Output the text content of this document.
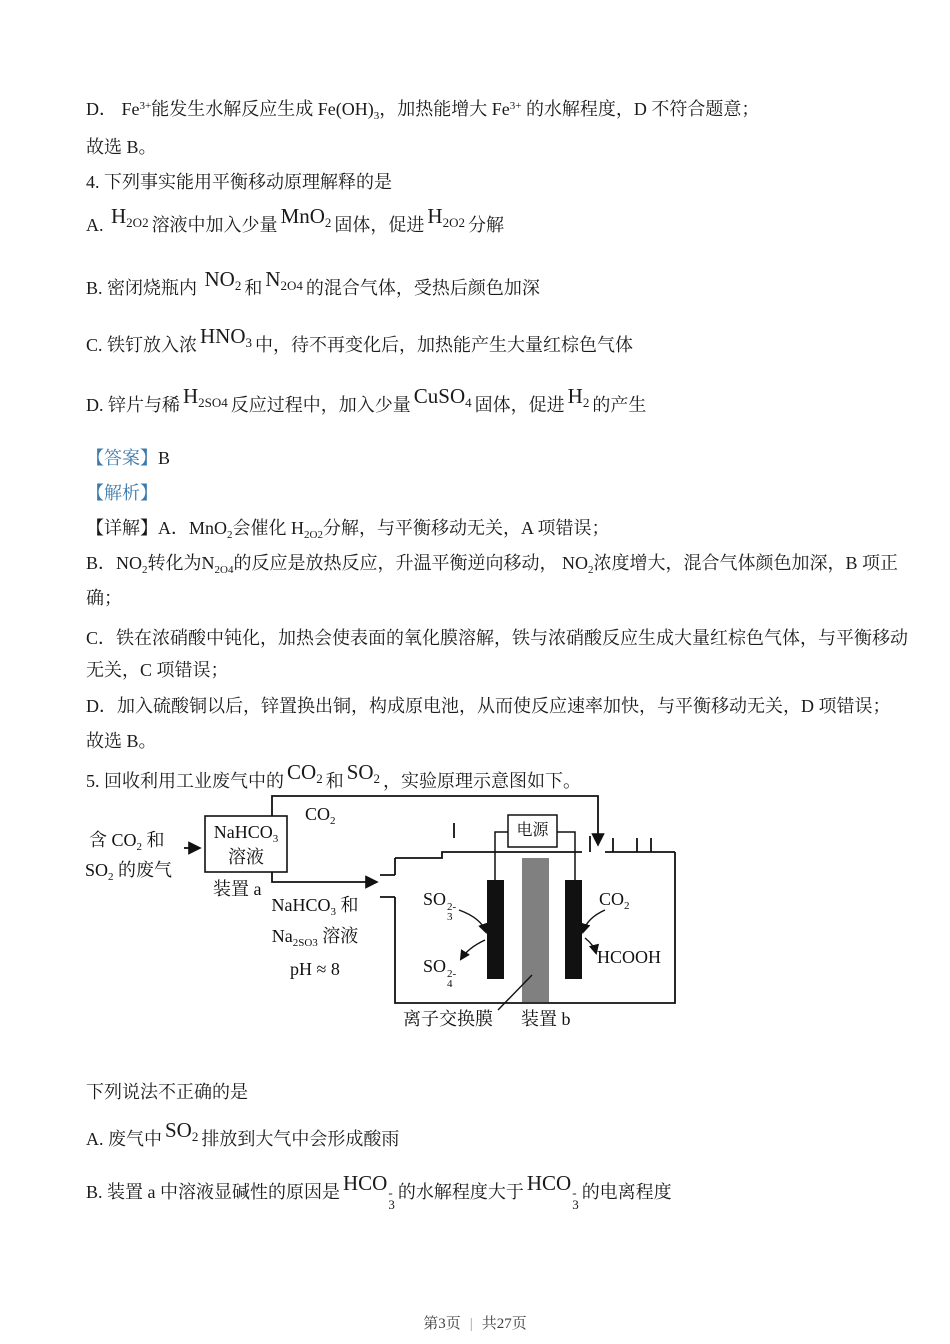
D． $Fe^{3+}$能发生水解反应生成 $Fe(OH)_3$，加热能增大 $Fe^{3+}$ 的水解程度，D 不符合题意；

故选 B。

4. 下列事实能用平衡移动原理解释的是

A. $H_{2O2}$ 溶液中加入少量 MnO$_2$ 固体，促进 $H_{2O2}$ 分解

B. 密闭烧瓶内 $NO_2$ 和 $N_{2O4}$ 的混合气体，受热后颜色加深

C. 铁钉放入浓 $HNO_3$ 中，待不再变化后，加热能产生大量红棕色气体

D. 锌片与稀 $H_{2SO4}$ 反应过程中，加入少量 CuSO$_4$ 固体，促进 $H_2$ 的产生

【答案】B

【解析】

【详解】A．MnO$_2$会催化 $H_{2O2}$分解，与平衡移动无关，A 项错误；

B．$NO_2$转化为$N_{2O4}$的反应是放热反应，升温平衡逆向移动， $NO_2$浓度增大，混合气体颜色加深，B 项正

确；

C．铁在浓硝酸中钝化，加热会使表面的氧化膜溶解，铁与浓硝酸反应生成大量红棕色气体，与平衡移动

无关，C 项错误；

D．加入硫酸铜以后，锌置换出铜，构成原电池，从而使反应速率加快，与平衡移动无关，D 项错误；

故选 B。

5. 回收利用工业废气中的 $CO_2$ 和 $SO_2$ ，实验原理示意图如下。

下列说法不正确的是

A. 废气中 $SO_2$ 排放到大气中会形成酸雨

B. 装置 a 中溶液显碱性的原因是 HCO -
3
的水解程度大于 HCO -
3
的电离程度

$CO_2$
含 $CO_2$ 和
$SO_2$ 的废气
NaHCO$_3$
溶液
装置 a
NaHCO$_3$ 和
$Na_{2SO3}$ 溶液
pH ≈ 8
电源
SO 2-
3
SO 2-
4
$CO_2$
HCOOH
离子交换膜 装置 b
第3页 | 共27页
